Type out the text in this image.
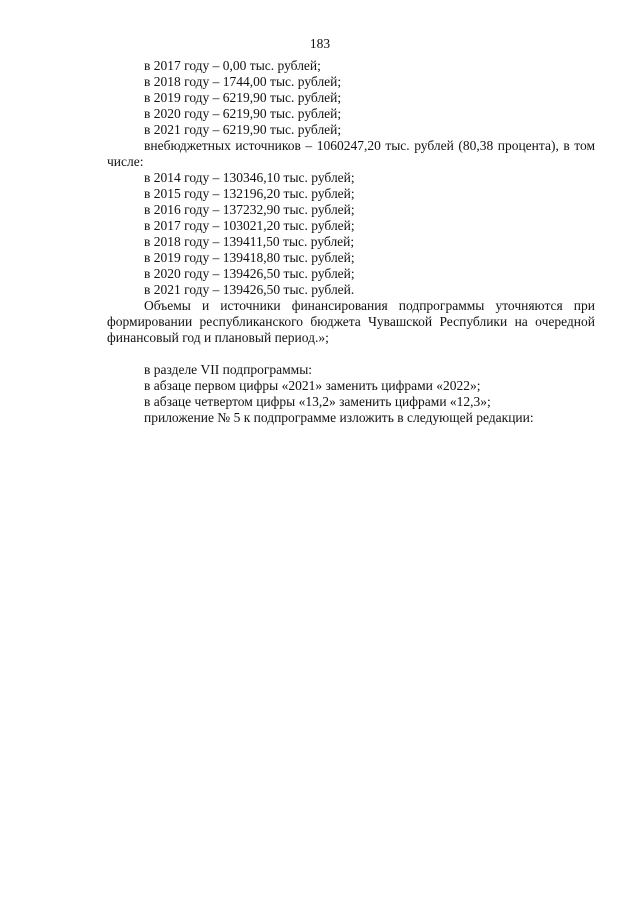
183
в 2017 году – 0,00 тыс. рублей;
в 2018 году – 1744,00 тыс. рублей;
в 2019 году – 6219,90 тыс. рублей;
в 2020 году – 6219,90 тыс. рублей;
в 2021 году – 6219,90 тыс. рублей;
внебюджетных источников – 1060247,20 тыс. рублей (80,38 процента), в том числе:
в 2014 году – 130346,10 тыс. рублей;
в 2015 году – 132196,20 тыс. рублей;
в 2016 году – 137232,90 тыс. рублей;
в 2017 году – 103021,20 тыс. рублей;
в 2018 году – 139411,50 тыс. рублей;
в 2019 году – 139418,80 тыс. рублей;
в 2020 году – 139426,50 тыс. рублей;
в 2021 году – 139426,50 тыс. рублей.
Объемы и источники финансирования подпрограммы уточняются при формировании республиканского бюджета Чувашской Республики на очередной финансовый год и плановый период.»;
в разделе VII подпрограммы:
в абзаце первом цифры «2021» заменить цифрами «2022»;
в абзаце четвертом цифры «13,2» заменить цифрами «12,3»;
приложение № 5 к подпрограмме изложить в следующей редакции:
